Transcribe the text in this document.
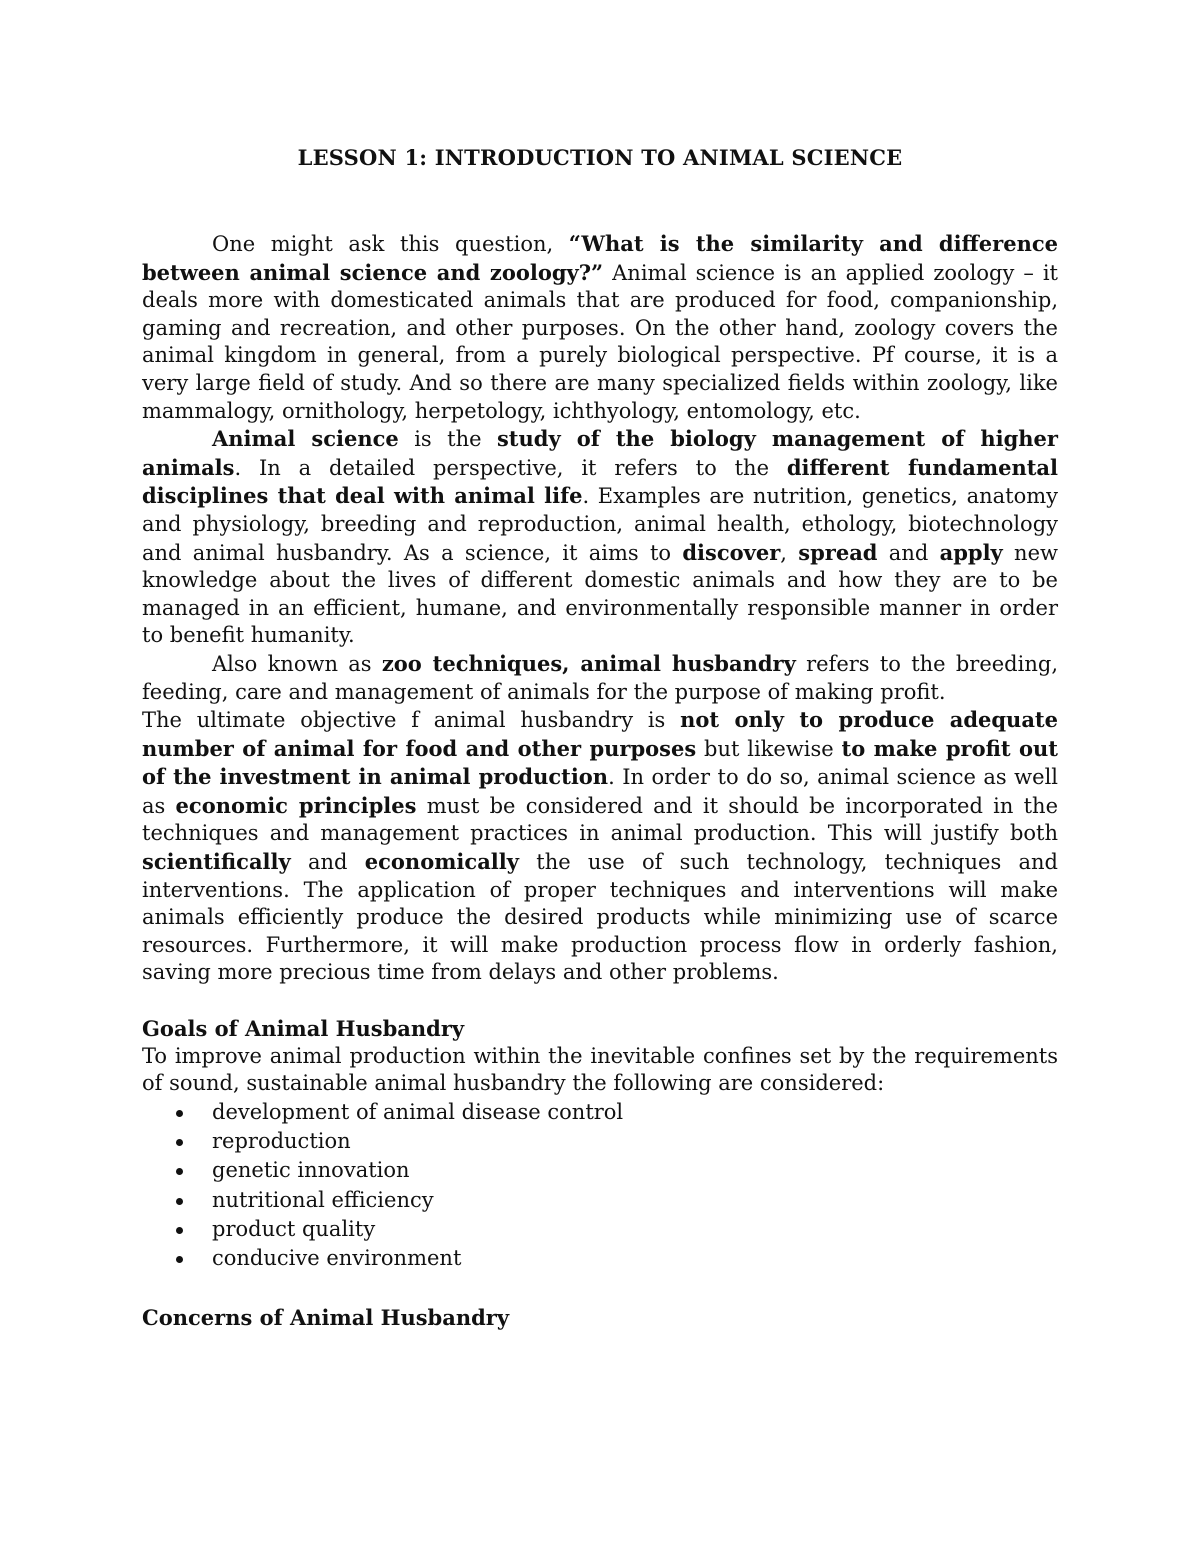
LESSON 1: INTRODUCTION TO ANIMAL SCIENCE

One might ask this question, “What is the similarity and difference between animal science and zoology?” Animal science is an applied zoology – it deals more with domesticated animals that are produced for food, companionship, gaming and recreation, and other purposes. On the other hand, zoology covers the animal kingdom in general, from a purely biological perspective. Pf course, it is a very large field of study. And so there are many specialized fields within zoology, like mammalogy, ornithology, herpetology, ichthyology, entomology, etc.

Animal science is the study of the biology management of higher animals. In a detailed perspective, it refers to the different fundamental disciplines that deal with animal life. Examples are nutrition, genetics, anatomy and physiology, breeding and reproduction, animal health, ethology, biotechnology and animal husbandry. As a science, it aims to discover, spread and apply new knowledge about the lives of different domestic animals and how they are to be managed in an efficient, humane, and environmentally responsible manner in order to benefit humanity.

Also known as zoo techniques, animal husbandry refers to the breeding, feeding, care and management of animals for the purpose of making profit.

The ultimate objective f animal husbandry is not only to produce adequate number of animal for food and other purposes but likewise to make profit out of the investment in animal production. In order to do so, animal science as well as economic principles must be considered and it should be incorporated in the techniques and management practices in animal production. This will justify both scientifically and economically the use of such technology, techniques and interventions. The application of proper techniques and interventions will make animals efficiently produce the desired products while minimizing use of scarce resources. Furthermore, it will make production process flow in orderly fashion, saving more precious time from delays and other problems.

Goals of Animal Husbandry

To improve animal production within the inevitable confines set by the requirements of sound, sustainable animal husbandry the following are considered:

development of animal disease control
reproduction
genetic innovation
nutritional efficiency
product quality
conducive environment

Concerns of Animal Husbandry
